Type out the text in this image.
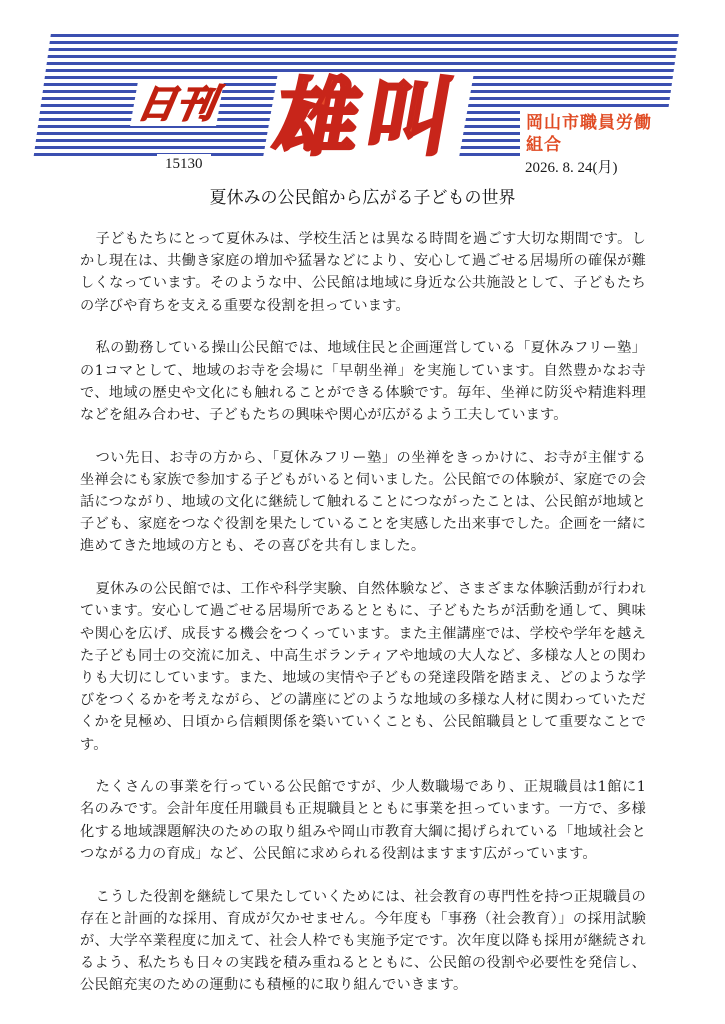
日刊 雄叫
15130
岡山市職員労働組合
2026. 8. 24(月)
夏休みの公民館から広がる子どもの世界

子どもたちにとって夏休みは、学校生活とは異なる時間を過ごす大切な期間です。しかし現在は、共働き家庭の増加や猛暑などにより、安心して過ごせる居場所の確保が難しくなっています。そのような中、公民館は地域に身近な公共施設として、子どもたちの学びや育ちを支える重要な役割を担っています。

私の勤務している操山公民館では、地域住民と企画運営している「夏休みフリー塾」の1コマとして、地域のお寺を会場に「早朝坐禅」を実施しています。自然豊かなお寺で、地域の歴史や文化にも触れることができる体験です。毎年、坐禅に防災や精進料理などを組み合わせ、子どもたちの興味や関心が広がるよう工夫しています。

つい先日、お寺の方から、「夏休みフリー塾」の坐禅をきっかけに、お寺が主催する坐禅会にも家族で参加する子どもがいると伺いました。公民館での体験が、家庭での会話につながり、地域の文化に継続して触れることにつながったことは、公民館が地域と子ども、家庭をつなぐ役割を果たしていることを実感した出来事でした。企画を一緒に進めてきた地域の方とも、その喜びを共有しました。

夏休みの公民館では、工作や科学実験、自然体験など、さまざまな体験活動が行われています。安心して過ごせる居場所であるとともに、子どもたちが活動を通して、興味や関心を広げ、成長する機会をつくっています。また主催講座では、学校や学年を越えた子ども同士の交流に加え、中高生ボランティアや地域の大人など、多様な人との関わりも大切にしています。また、地域の実情や子どもの発達段階を踏まえ、どのような学びをつくるかを考えながら、どの講座にどのような地域の多様な人材に関わっていただくかを見極め、日頃から信頼関係を築いていくことも、公民館職員として重要なことです。

たくさんの事業を行っている公民館ですが、少人数職場であり、正規職員は1館に1名のみです。会計年度任用職員も正規職員とともに事業を担っています。一方で、多様化する地域課題解決のための取り組みや岡山市教育大綱に掲げられている「地域社会とつながる力の育成」など、公民館に求められる役割はますます広がっています。

こうした役割を継続して果たしていくためには、社会教育の専門性を持つ正規職員の存在と計画的な採用、育成が欠かせません。今年度も「事務（社会教育）」の採用試験が、大学卒業程度に加えて、社会人枠でも実施予定です。次年度以降も採用が継続されるよう、私たちも日々の実践を積み重ねるとともに、公民館の役割や必要性を発信し、公民館充実のための運動にも積極的に取り組んでいきます。
